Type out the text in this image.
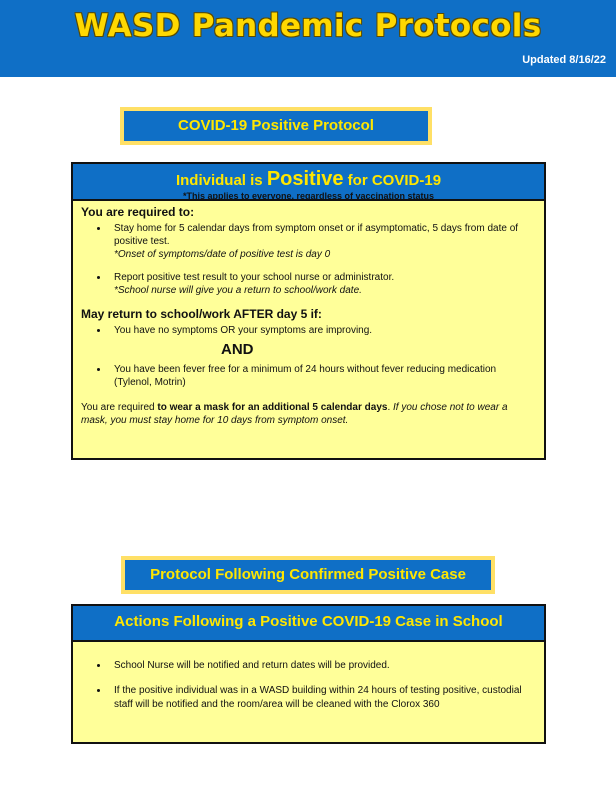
WASD Pandemic Protocols
Updated 8/16/22
COVID-19 Positive Protocol
Individual is Positive for COVID-19
*This applies to everyone, regardless of vaccination status
You are required to:
• Stay home for 5 calendar days from symptom onset or if asymptomatic, 5 days from date of positive test.
*Onset of symptoms/date of positive test is day 0
• Report positive test result to your school nurse or administrator.
*School nurse will give you a return to school/work date.
May return to school/work AFTER day 5 if:
• You have no symptoms OR your symptoms are improving.
AND
• You have been fever free for a minimum of 24 hours without fever reducing medication (Tylenol, Motrin)
You are required to wear a mask for an additional 5 calendar days. If you chose not to wear a mask, you must stay home for 10 days from symptom onset.
Protocol Following Confirmed Positive Case
Actions Following a Positive COVID-19 Case in School
• School Nurse will be notified and return dates will be provided.
• If the positive individual was in a WASD building within 24 hours of testing positive, custodial staff will be notified and the room/area will be cleaned with the Clorox 360
